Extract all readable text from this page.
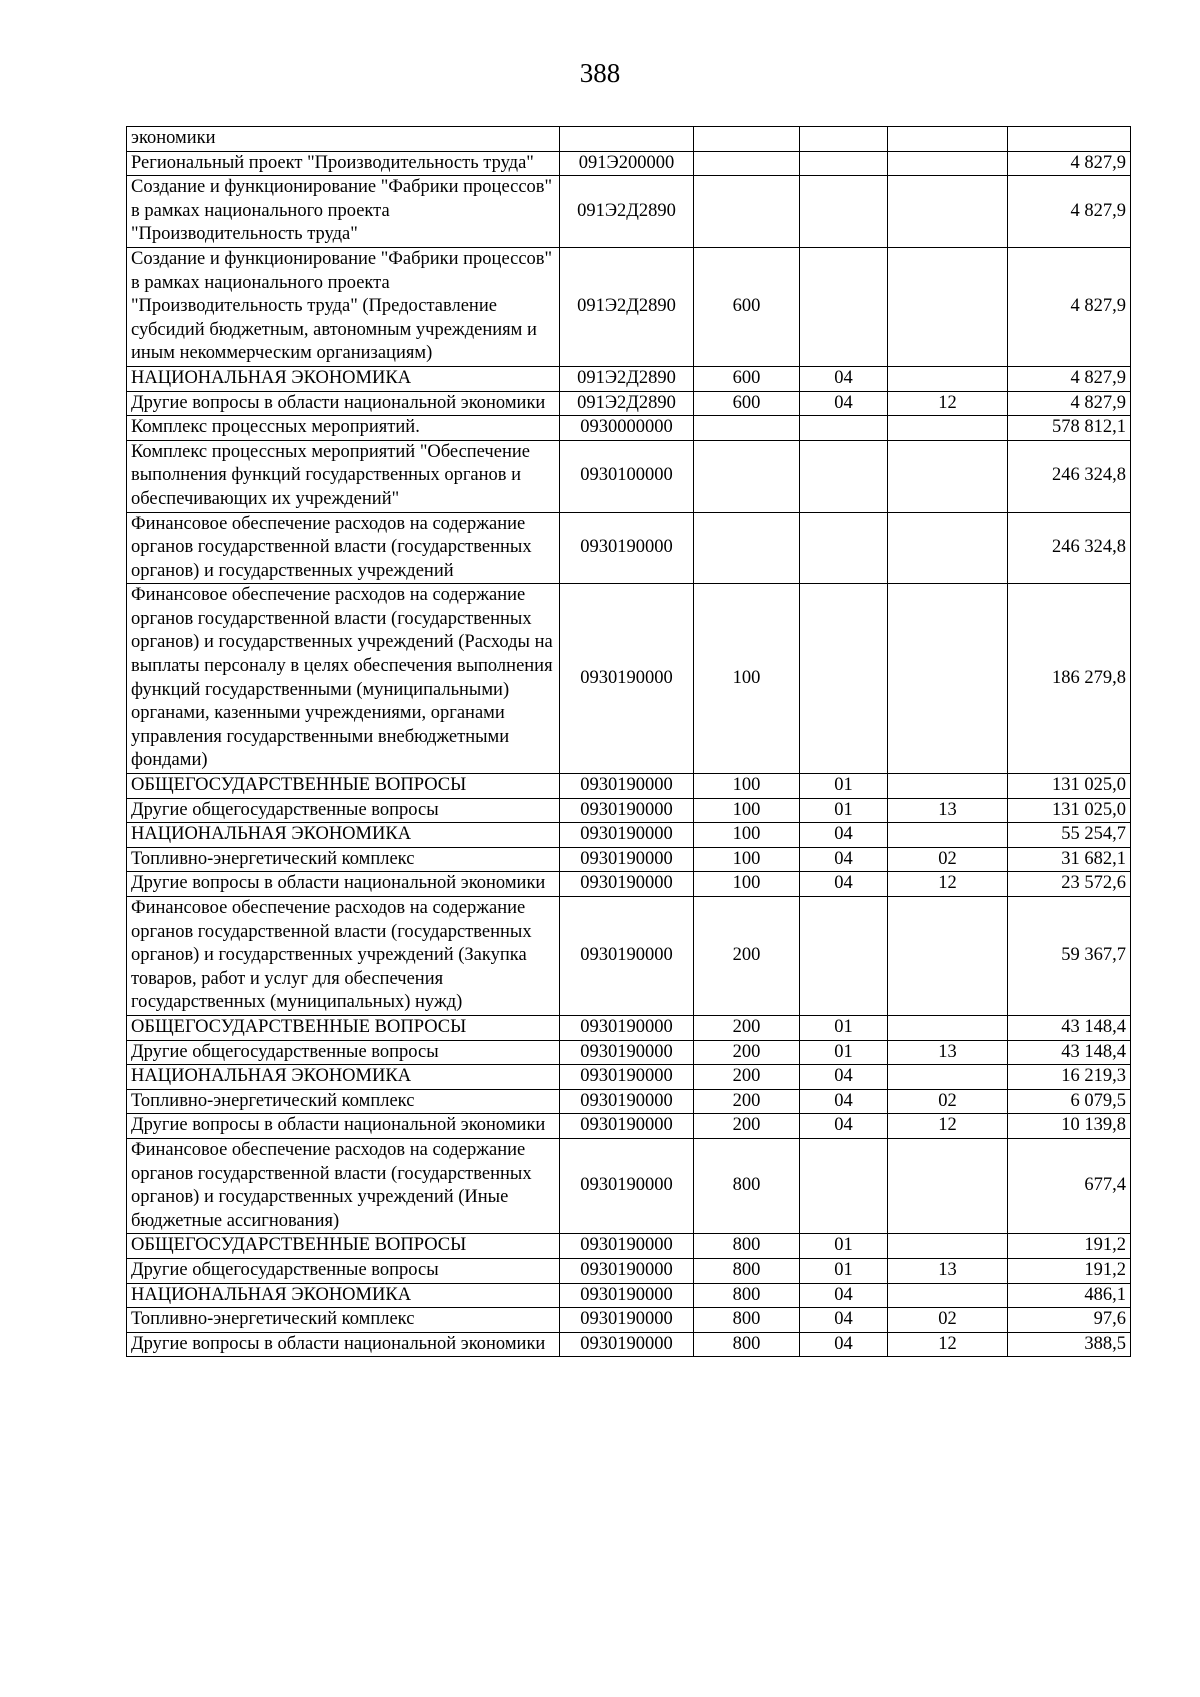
388
экономики					
Региональный проект "Производительность труда"	091Э200000				4 827,9
Создание и функционирование "Фабрики процессов" в рамках национального проекта "Производительность труда"	091Э2Д2890				4 827,9
Создание и функционирование "Фабрики процессов" в рамках национального проекта "Производительность труда" (Предоставление субсидий бюджетным, автономным учреждениям и иным некоммерческим организациям)	091Э2Д2890	600			4 827,9
НАЦИОНАЛЬНАЯ ЭКОНОМИКА	091Э2Д2890	600	04		4 827,9
Другие вопросы в области национальной экономики	091Э2Д2890	600	04	12	4 827,9
Комплекс процессных мероприятий.	0930000000				578 812,1
Комплекс процессных мероприятий "Обеспечение выполнения функций государственных органов и обеспечивающих их учреждений"	0930100000				246 324,8
Финансовое обеспечение расходов на содержание органов государственной власти (государственных органов) и государственных учреждений	0930190000				246 324,8
Финансовое обеспечение расходов на содержание органов государственной власти (государственных органов) и государственных учреждений (Расходы на выплаты персоналу в целях обеспечения выполнения функций государственными (муниципальными) органами, казенными учреждениями, органами управления государственными внебюджетными фондами)	0930190000	100			186 279,8
ОБЩЕГОСУДАРСТВЕННЫЕ ВОПРОСЫ	0930190000	100	01		131 025,0
Другие общегосударственные вопросы	0930190000	100	01	13	131 025,0
НАЦИОНАЛЬНАЯ ЭКОНОМИКА	0930190000	100	04		55 254,7
Топливно-энергетический комплекс	0930190000	100	04	02	31 682,1
Другие вопросы в области национальной экономики	0930190000	100	04	12	23 572,6
Финансовое обеспечение расходов на содержание органов государственной власти (государственных органов) и государственных учреждений (Закупка товаров, работ и услуг для обеспечения государственных (муниципальных) нужд)	0930190000	200			59 367,7
ОБЩЕГОСУДАРСТВЕННЫЕ ВОПРОСЫ	0930190000	200	01		43 148,4
Другие общегосударственные вопросы	0930190000	200	01	13	43 148,4
НАЦИОНАЛЬНАЯ ЭКОНОМИКА	0930190000	200	04		16 219,3
Топливно-энергетический комплекс	0930190000	200	04	02	6 079,5
Другие вопросы в области национальной экономики	0930190000	200	04	12	10 139,8
Финансовое обеспечение расходов на содержание органов государственной власти (государственных органов) и государственных учреждений (Иные бюджетные ассигнования)	0930190000	800			677,4
ОБЩЕГОСУДАРСТВЕННЫЕ ВОПРОСЫ	0930190000	800	01		191,2
Другие общегосударственные вопросы	0930190000	800	01	13	191,2
НАЦИОНАЛЬНАЯ ЭКОНОМИКА	0930190000	800	04		486,1
Топливно-энергетический комплекс	0930190000	800	04	02	97,6
Другие вопросы в области национальной экономики	0930190000	800	04	12	388,5
